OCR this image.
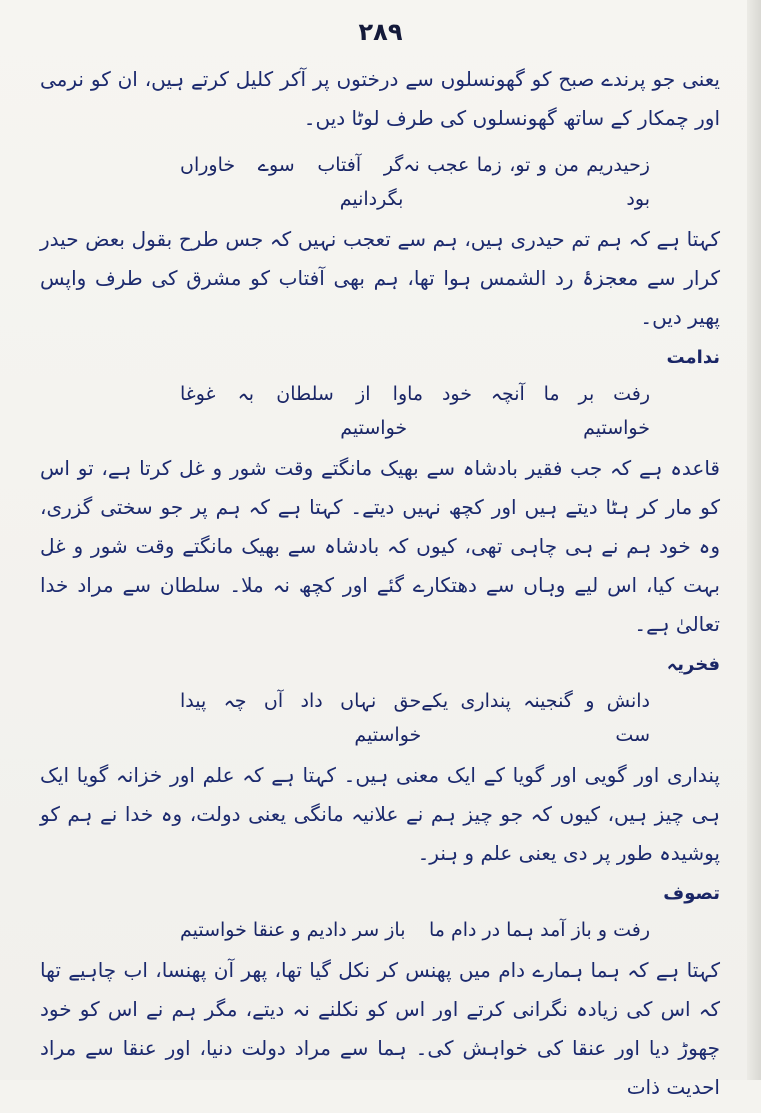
۲۸۹

یعنی جو پرندے صبح کو گھونسلوں سے درختوں پر آکر کلیل کرتے ہیں، ان کو نرمی اور چمکار کے ساتھ گھونسلوں کی طرف لوٹا دیں۔

زحیدریم من و تو، زما عجب نہ بود
گر آفتاب سوے خاوراں بگردانیم

کہتا ہے کہ ہم تم حیدری ہیں، ہم سے تعجب نہیں کہ جس طرح بقول بعض حیدر کرار سے معجزۂ رد الشمس ہوا تھا، ہم بھی آفتاب کو مشرق کی طرف واپس پھیر دیں۔

ندامت

رفت بر ما آنچہ خود ما خواستیم
وا از سلطان بہ غوغا خواستیم

قاعدہ ہے کہ جب فقیر بادشاہ سے بھیک مانگتے وقت شور و غل کرتا ہے، تو اس کو مار کر ہٹا دیتے ہیں اور کچھ نہیں دیتے۔ کہتا ہے کہ ہم پر جو سختی گزری، وہ خود ہم نے ہی چاہی تھی، کیوں کہ بادشاہ سے بھیک مانگتے وقت شور و غل بہت کیا، اس لیے وہاں سے دھتکارے گئے اور کچھ نہ ملا۔ سلطان سے مراد خدا تعالیٰ ہے۔

فخریہ

دانش و گنجینہ پنداری یکے ست
حق نہاں داد آں چہ پیدا خواستیم

پنداری اور گویی اور گویا کے ایک معنی ہیں۔ کہتا ہے کہ علم اور خزانہ گویا ایک ہی چیز ہیں، کیوں کہ جو چیز ہم نے علانیہ مانگی یعنی دولت، وہ خدا نے ہم کو پوشیدہ طور پر دی یعنی علم و ہنر۔

تصوف

رفت و باز آمد ہما در دام ما
باز سر دادیم و عنقا خواستیم

کہتا ہے کہ ہما ہمارے دام میں پھنس کر نکل گیا تھا، پھر آن پھنسا، اب چاہیے تھا کہ اس کی زیادہ نگرانی کرتے اور اس کو نکلنے نہ دیتے، مگر ہم نے اس کو خود چھوڑ دیا اور عنقا کی خواہش کی۔ ہما سے مراد دولت دنیا، اور عنقا سے مراد احدیت ذات
